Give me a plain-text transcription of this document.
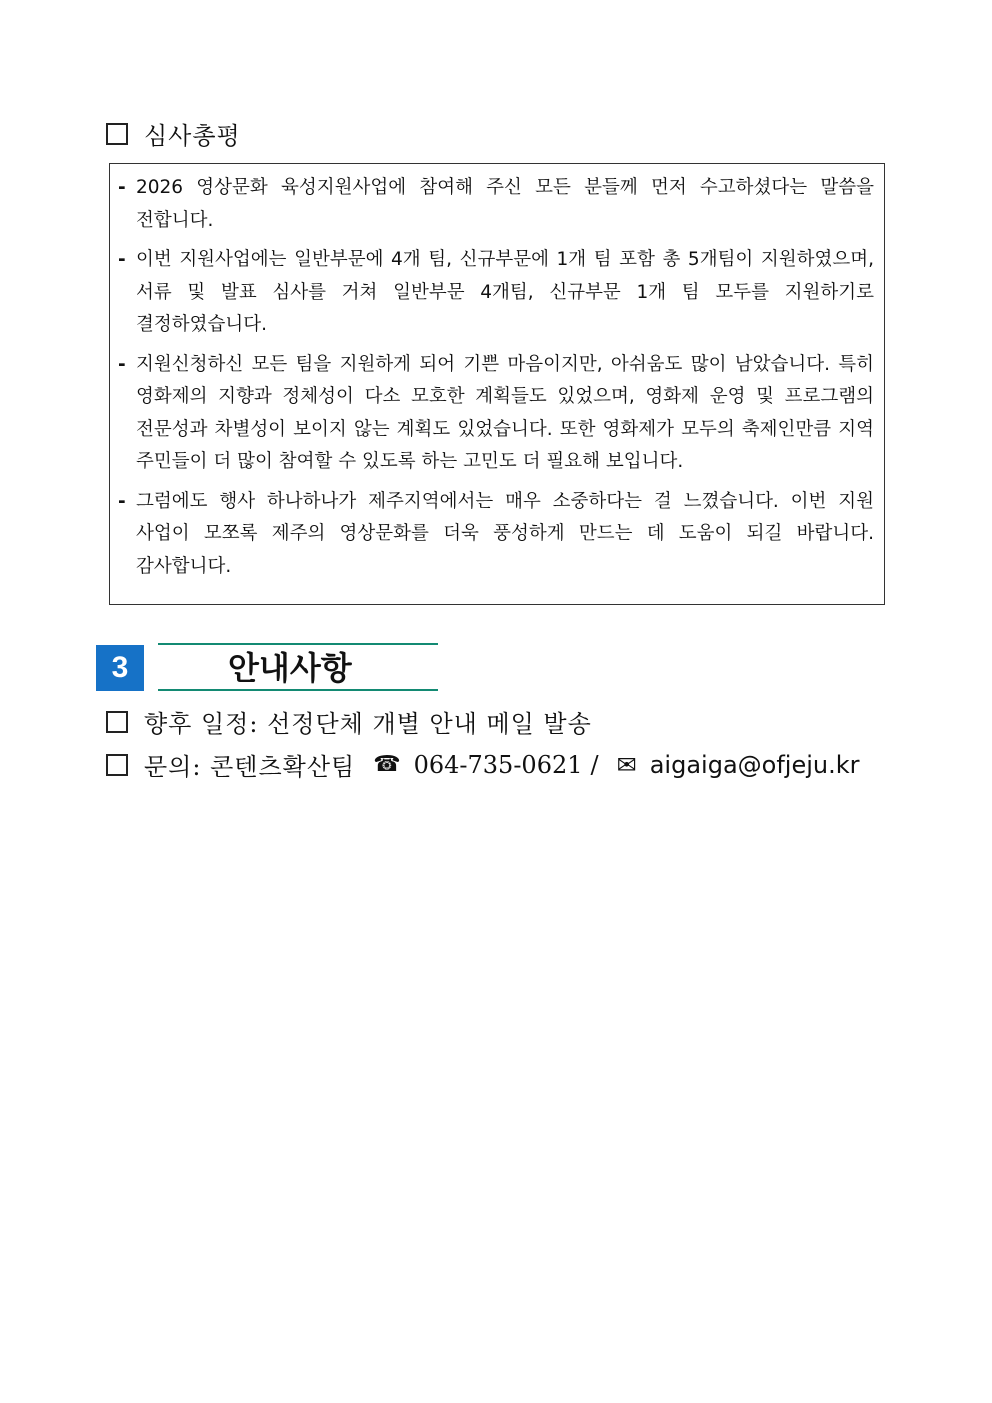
심사총평
- 2026 영상문화 육성지원사업에 참여해 주신 모든 분들께 먼저 수고하셨다는 말씀을 전합니다.
- 이번 지원사업에는 일반부문에 4개 팀, 신규부문에 1개 팀 포함 총 5개팀이 지원하였으며, 서류 및 발표 심사를 거쳐 일반부문 4개팀, 신규부문 1개 팀 모두를 지원하기로 결정하였습니다.
- 지원신청하신 모든 팀을 지원하게 되어 기쁜 마음이지만, 아쉬움도 많이 남았습니다. 특히 영화제의 지향과 정체성이 다소 모호한 계획들도 있었으며, 영화제 운영 및 프로그램의 전문성과 차별성이 보이지 않는 계획도 있었습니다. 또한 영화제가 모두의 축제인만큼 지역 주민들이 더 많이 참여할 수 있도록 하는 고민도 더 필요해 보입니다.
- 그럼에도 행사 하나하나가 제주지역에서는 매우 소중하다는 걸 느꼈습니다. 이번 지원 사업이 모쪼록 제주의 영상문화를 더욱 풍성하게 만드는 데 도움이 되길 바랍니다. 감사합니다.
3	안내사항
향후 일정: 선정단체 개별 안내 메일 발송
문의: 콘텐츠확산팀 ☎ 064-735-0621 / ✉ aigaiga@ofjeju.kr
